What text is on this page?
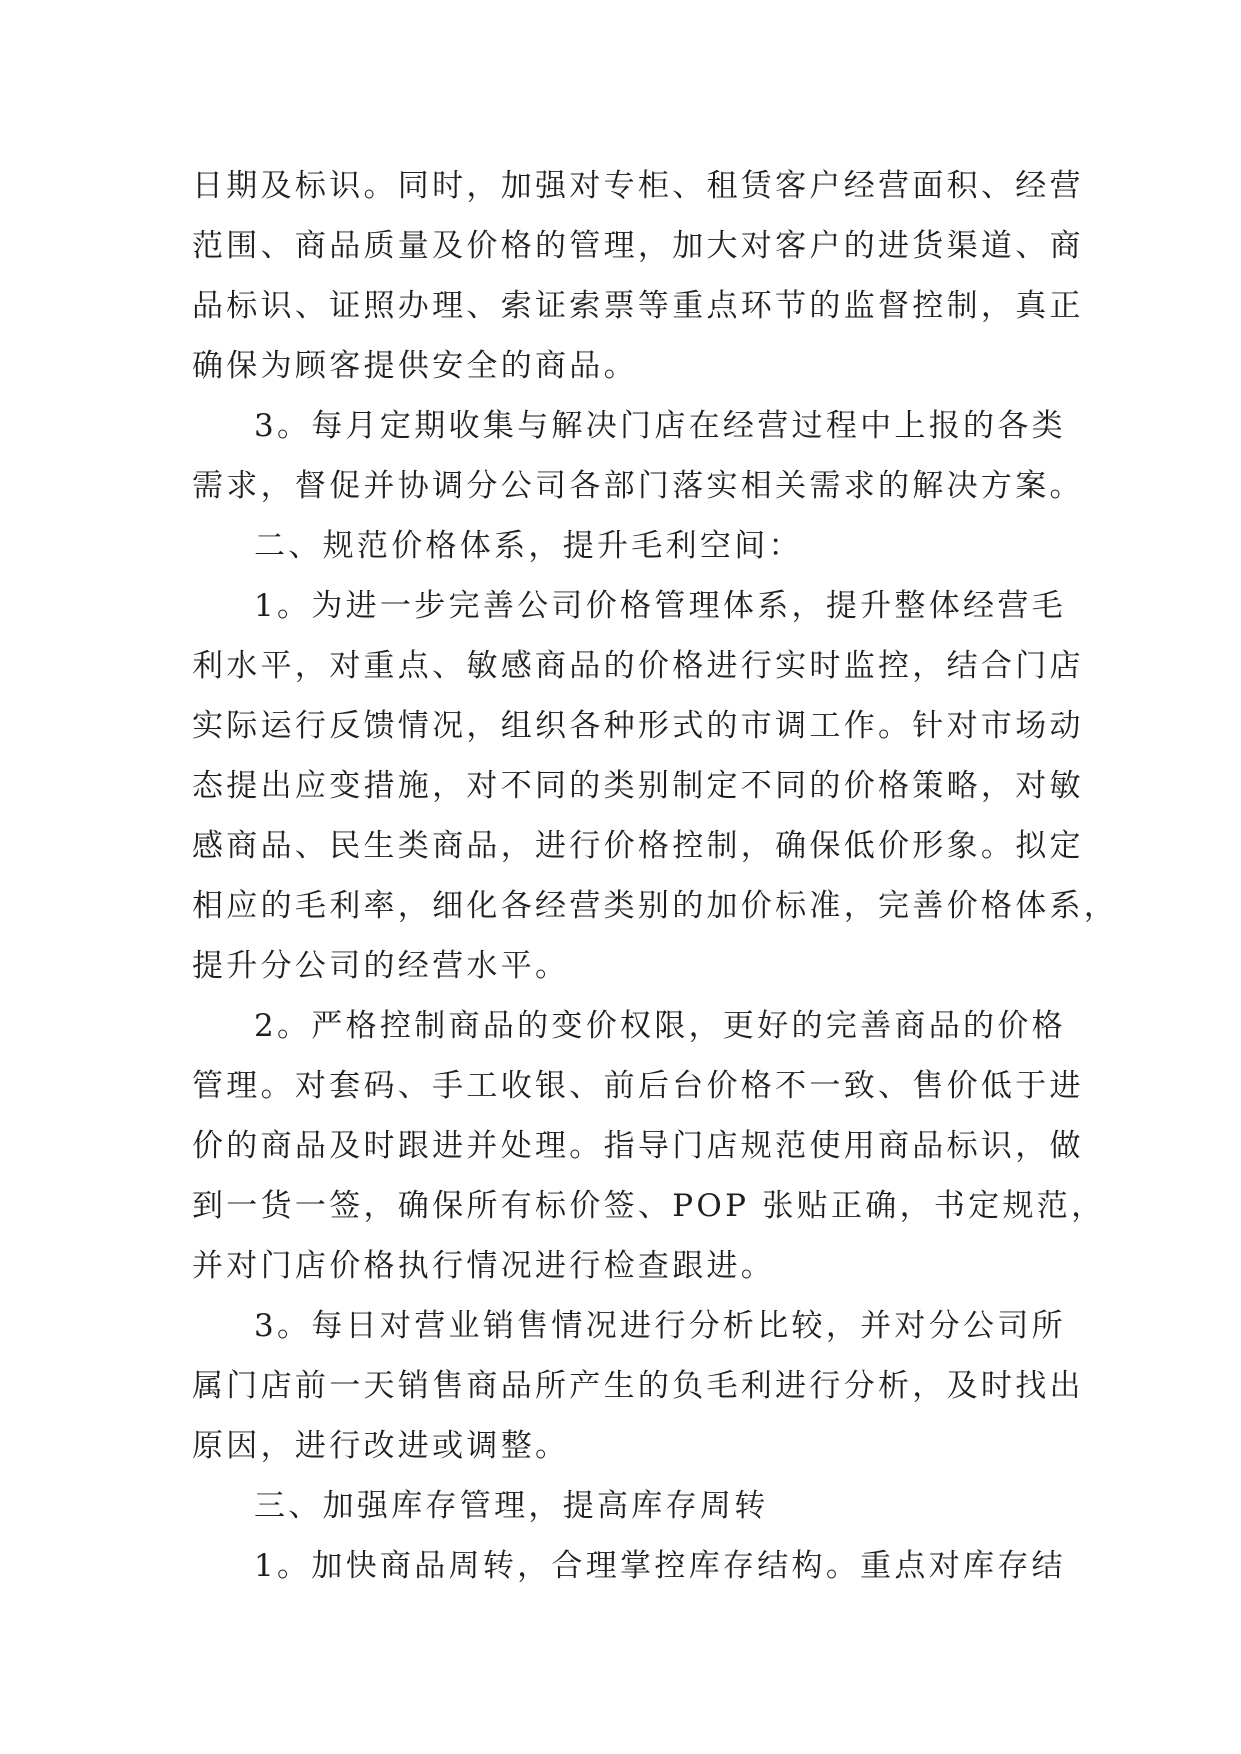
日期及标识。同时，加强对专柜、租赁客户经营面积、经营
范围、商品质量及价格的管理，加大对客户的进货渠道、商
品标识、证照办理、索证索票等重点环节的监督控制，真正
确保为顾客提供安全的商品。

3。每月定期收集与解决门店在经营过程中上报的各类
需求，督促并协调分公司各部门落实相关需求的解决方案。

二、规范价格体系，提升毛利空间：

1。为进一步完善公司价格管理体系，提升整体经营毛
利水平，对重点、敏感商品的价格进行实时监控，结合门店
实际运行反馈情况，组织各种形式的市调工作。针对市场动
态提出应变措施，对不同的类别制定不同的价格策略，对敏
感商品、民生类商品，进行价格控制，确保低价形象。拟定
相应的毛利率，细化各经营类别的加价标准，完善价格体系，
提升分公司的经营水平。

2。严格控制商品的变价权限，更好的完善商品的价格
管理。对套码、手工收银、前后台价格不一致、售价低于进
价的商品及时跟进并处理。指导门店规范使用商品标识，做
到一货一签，确保所有标价签、POP 张贴正确，书定规范，
并对门店价格执行情况进行检查跟进。

3。每日对营业销售情况进行分析比较，并对分公司所
属门店前一天销售商品所产生的负毛利进行分析，及时找出
原因，进行改进或调整。

三、加强库存管理，提高库存周转

1。加快商品周转，合理掌控库存结构。重点对库存结
